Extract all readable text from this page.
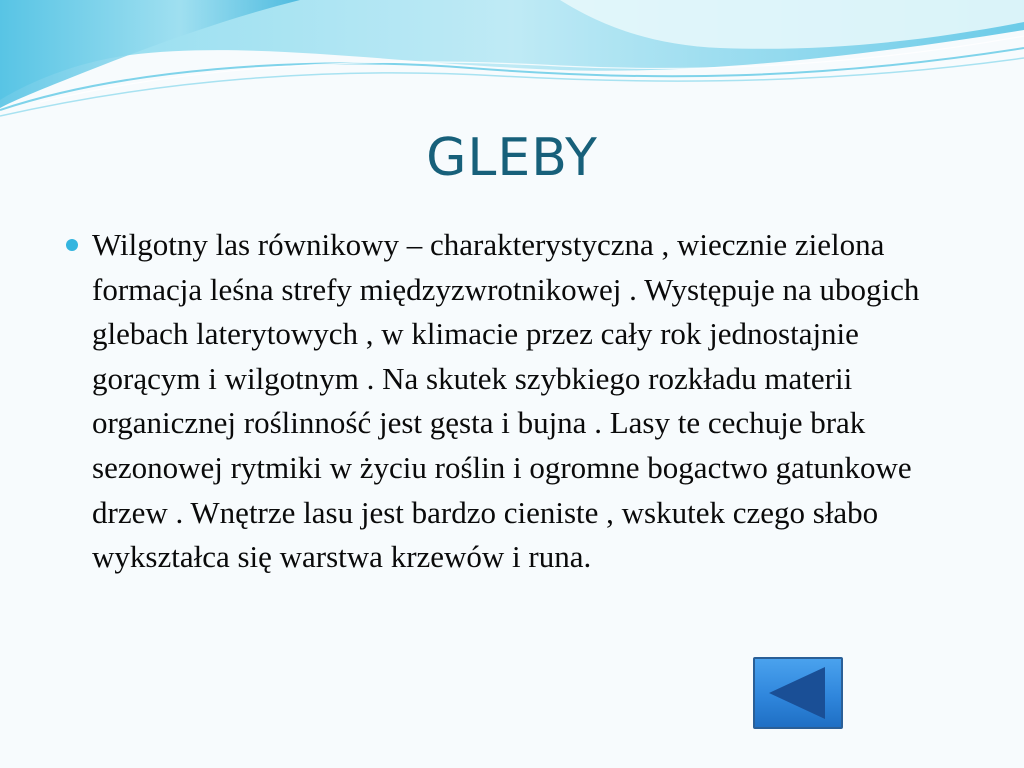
GLEBY

Wilgotny las równikowy – charakterystyczna , wiecznie zielona formacja leśna strefy międzyzwrotnikowej . Występuje na ubogich glebach laterytowych , w klimacie przez cały rok jednostajnie gorącym i wilgotnym . Na skutek szybkiego rozkładu materii organicznej roślinność jest gęsta i bujna . Lasy te cechuje brak sezonowej rytmiki w życiu roślin i ogromne bogactwo gatunkowe drzew . Wnętrze lasu jest bardzo cieniste , wskutek czego słabo wykształca się warstwa krzewów i runa.
